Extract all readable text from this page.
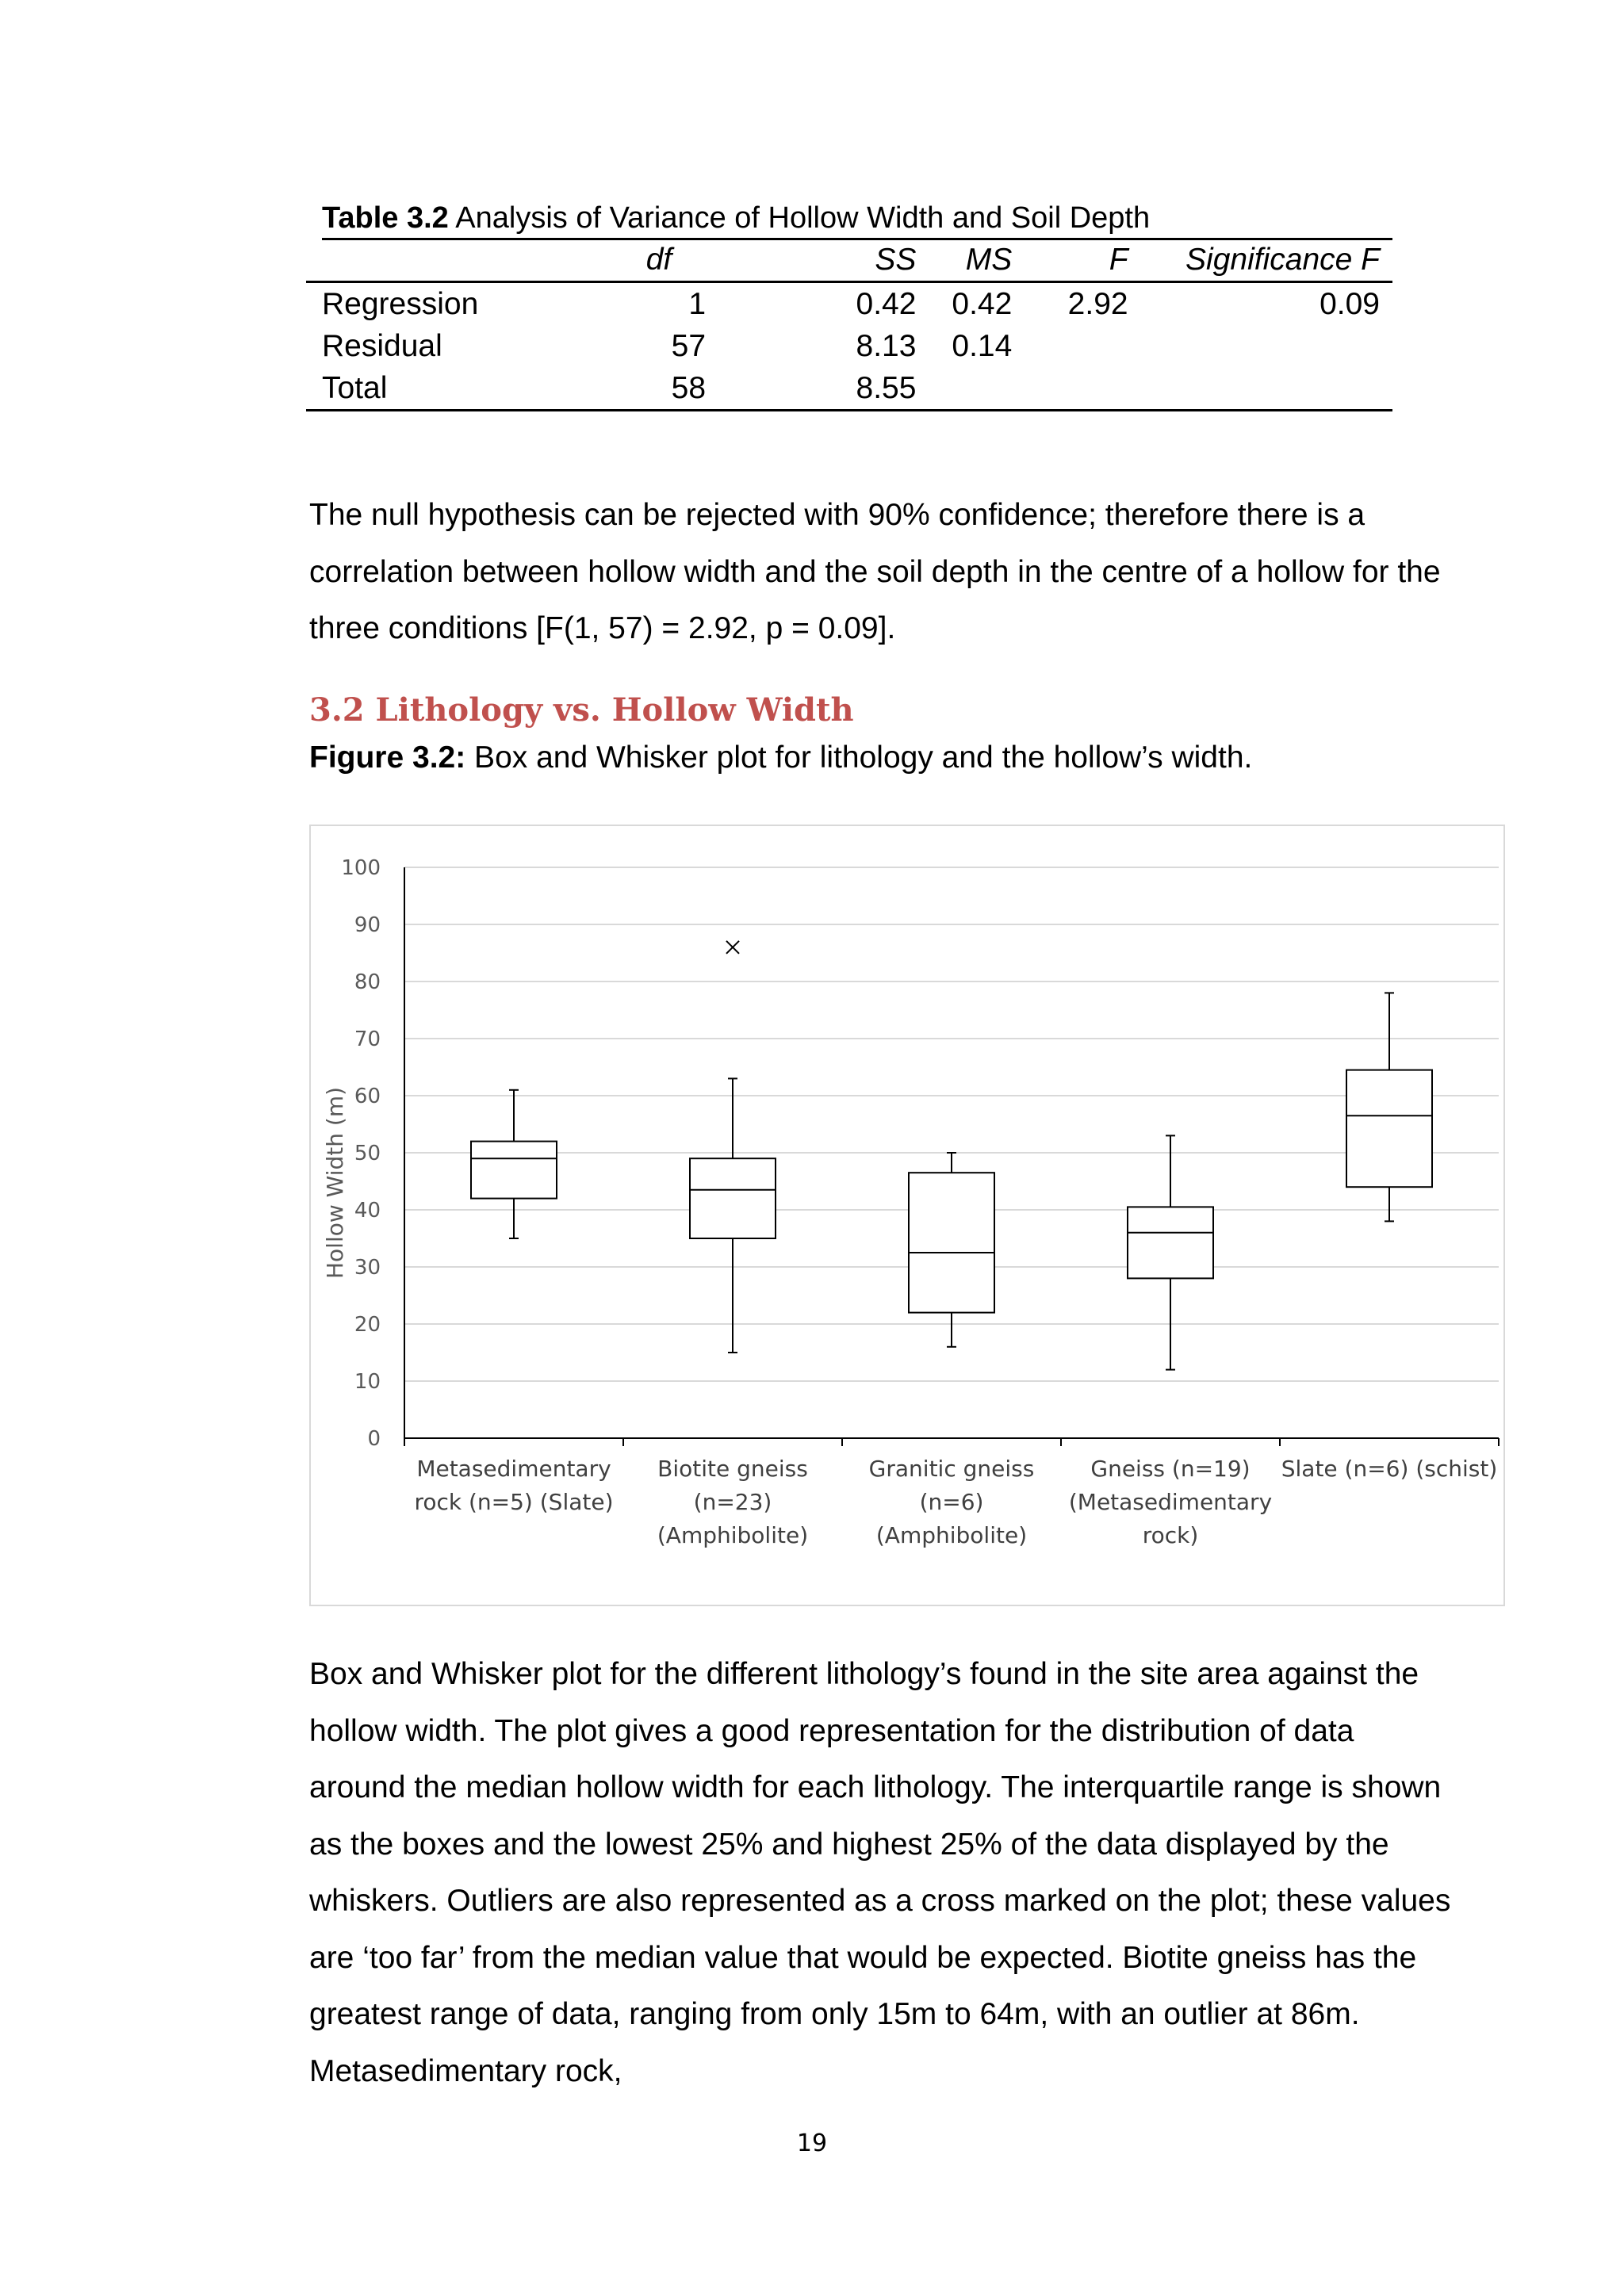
Table 3.2 Analysis of Variance of Hollow Width and Soil Depth
	df	SS	MS	F	Significance F
Regression	1	0.42	0.42	2.92	0.09
Residual	57	8.13	0.14		
Total	58	8.55			

The null hypothesis can be rejected with 90% confidence; therefore there is a correlation between hollow width and the soil depth in the centre of a hollow for the three conditions [F(1, 57) = 2.92, p = 0.09].

3.2 Lithology vs. Hollow Width
Figure 3.2: Box and Whisker plot for lithology and the hollow’s width.
0
10
20
30
40
50
60
70
80
90
100
Hollow Width (m)
Metasedimentary
rock (n=5) (Slate)
Biotite gneiss
(n=23)
(Amphibolite)
Granitic gneiss
(n=6) (Amphibolite)
Gneiss (n=19)
(Metasedimentary
rock)
Slate (n=6) (schist)

Box and Whisker plot for the different lithology’s found in the site area against the hollow width. The plot gives a good representation for the distribution of data around the median hollow width for each lithology. The interquartile range is shown as the boxes and the lowest 25% and highest 25% of the data displayed by the whiskers. Outliers are also represented as a cross marked on the plot; these values are ‘too far’ from the median value that would be expected. Biotite gneiss has the greatest range of data, ranging from only 15m to 64m, with an outlier at 86m. Metasedimentary rock,

19
